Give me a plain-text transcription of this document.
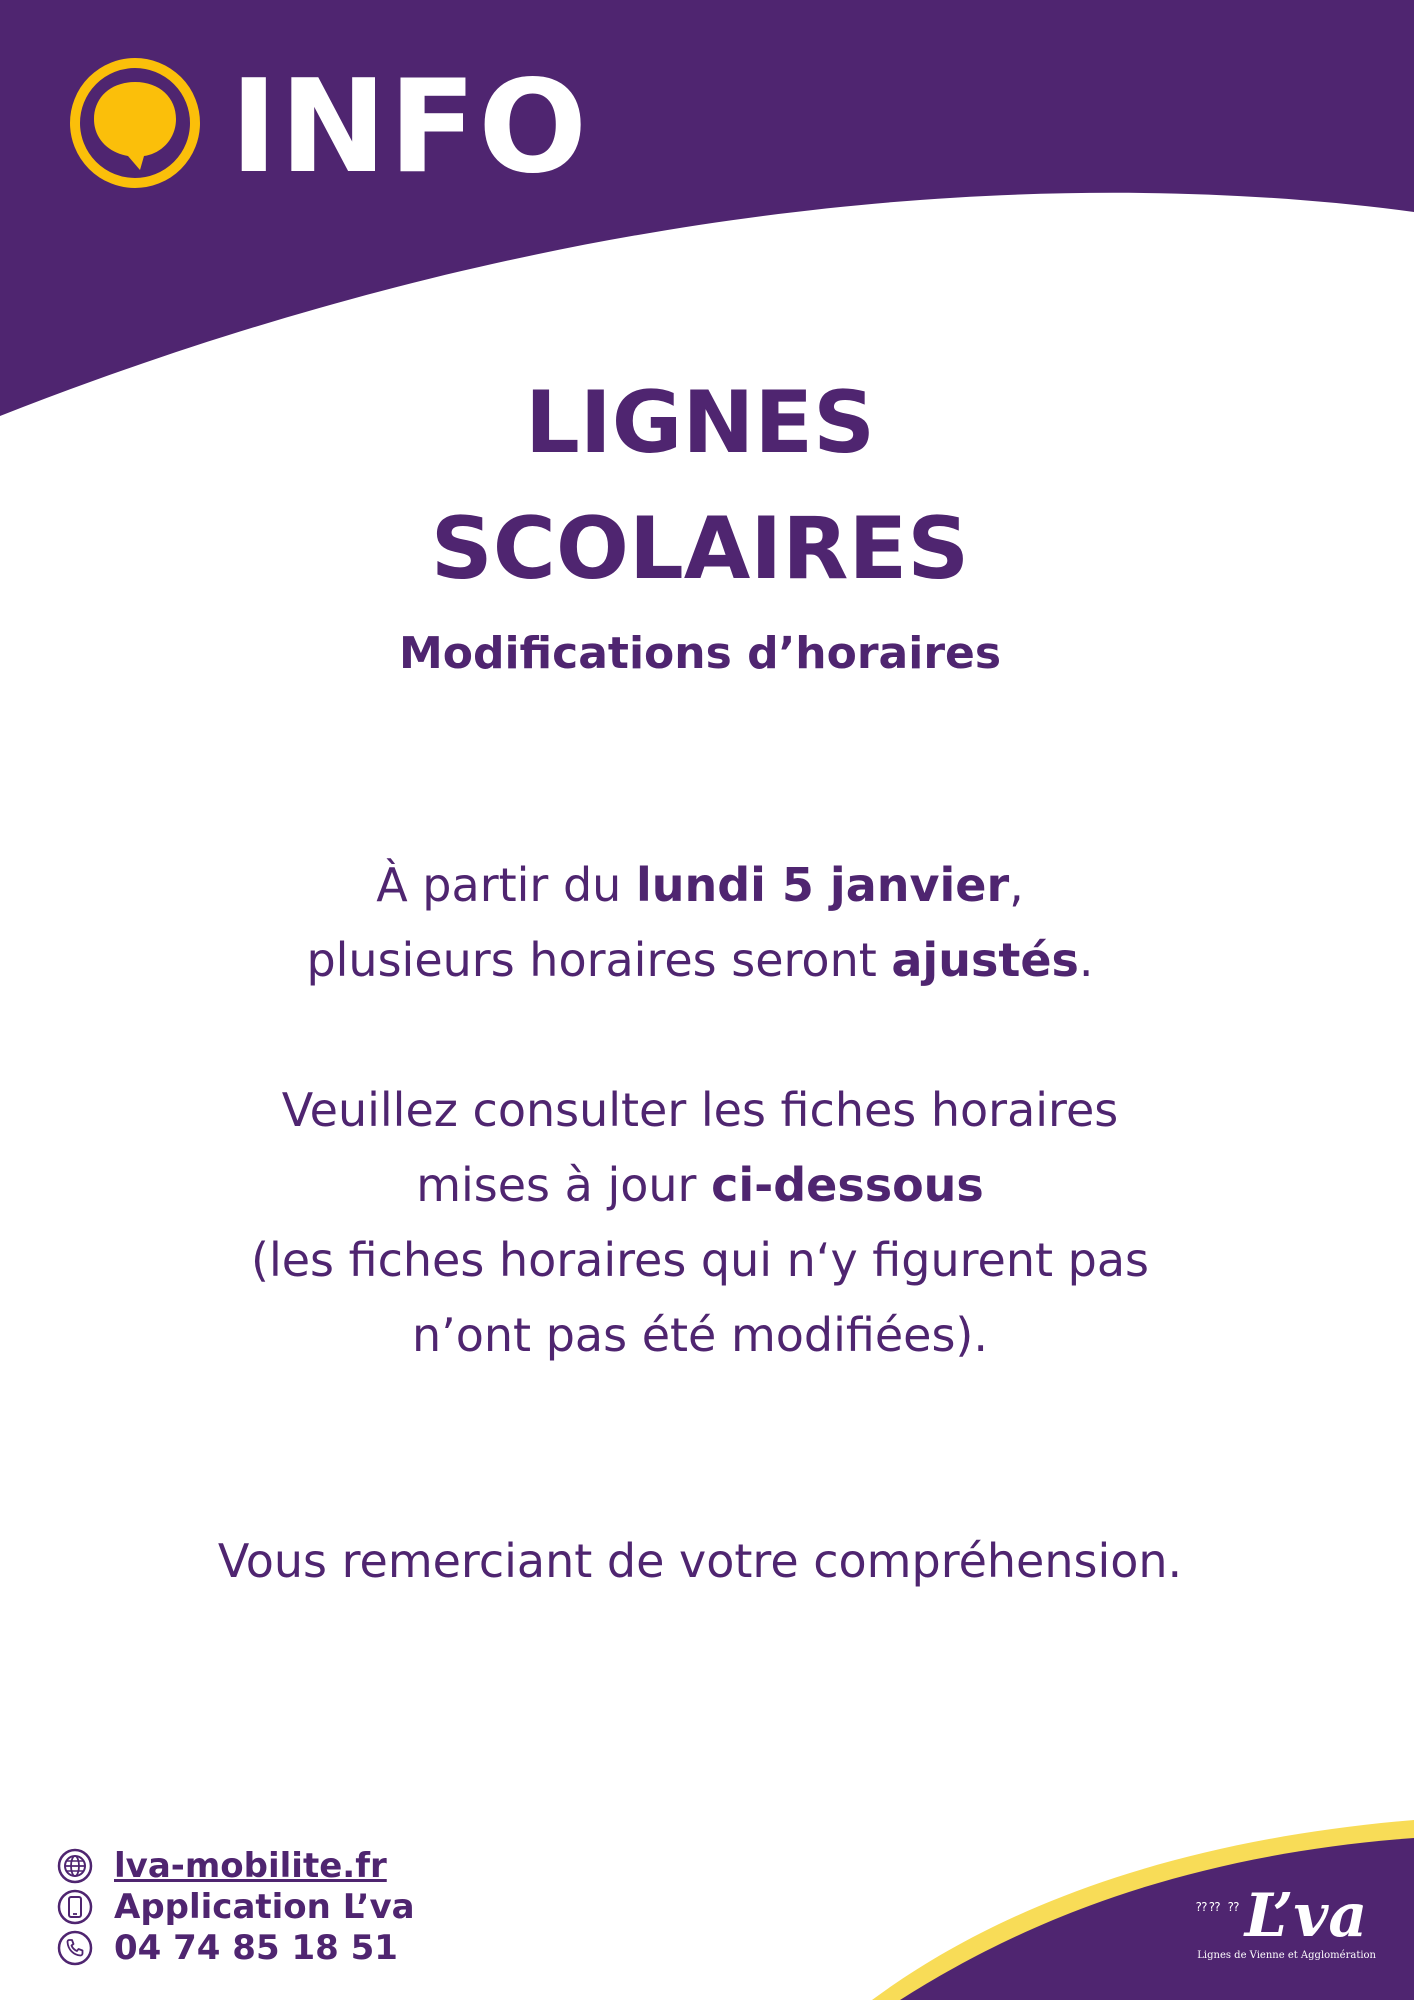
INFO
LIGNES
SCOLAIRES
Modifications d’horaires
À partir du lundi 5 janvier,
plusieurs horaires seront ajustés.
Veuillez consulter les fiches horaires
mises à jour ci-dessous
(les fiches horaires qui n‘y figurent pas
n’ont pas été modifiées).
Vous remerciant de votre compréhension.
lva-mobilite.fr
Application L’va
04 74 85 18 51
⁇⁇ ⁇ L’va
Lignes de Vienne et Agglomération
